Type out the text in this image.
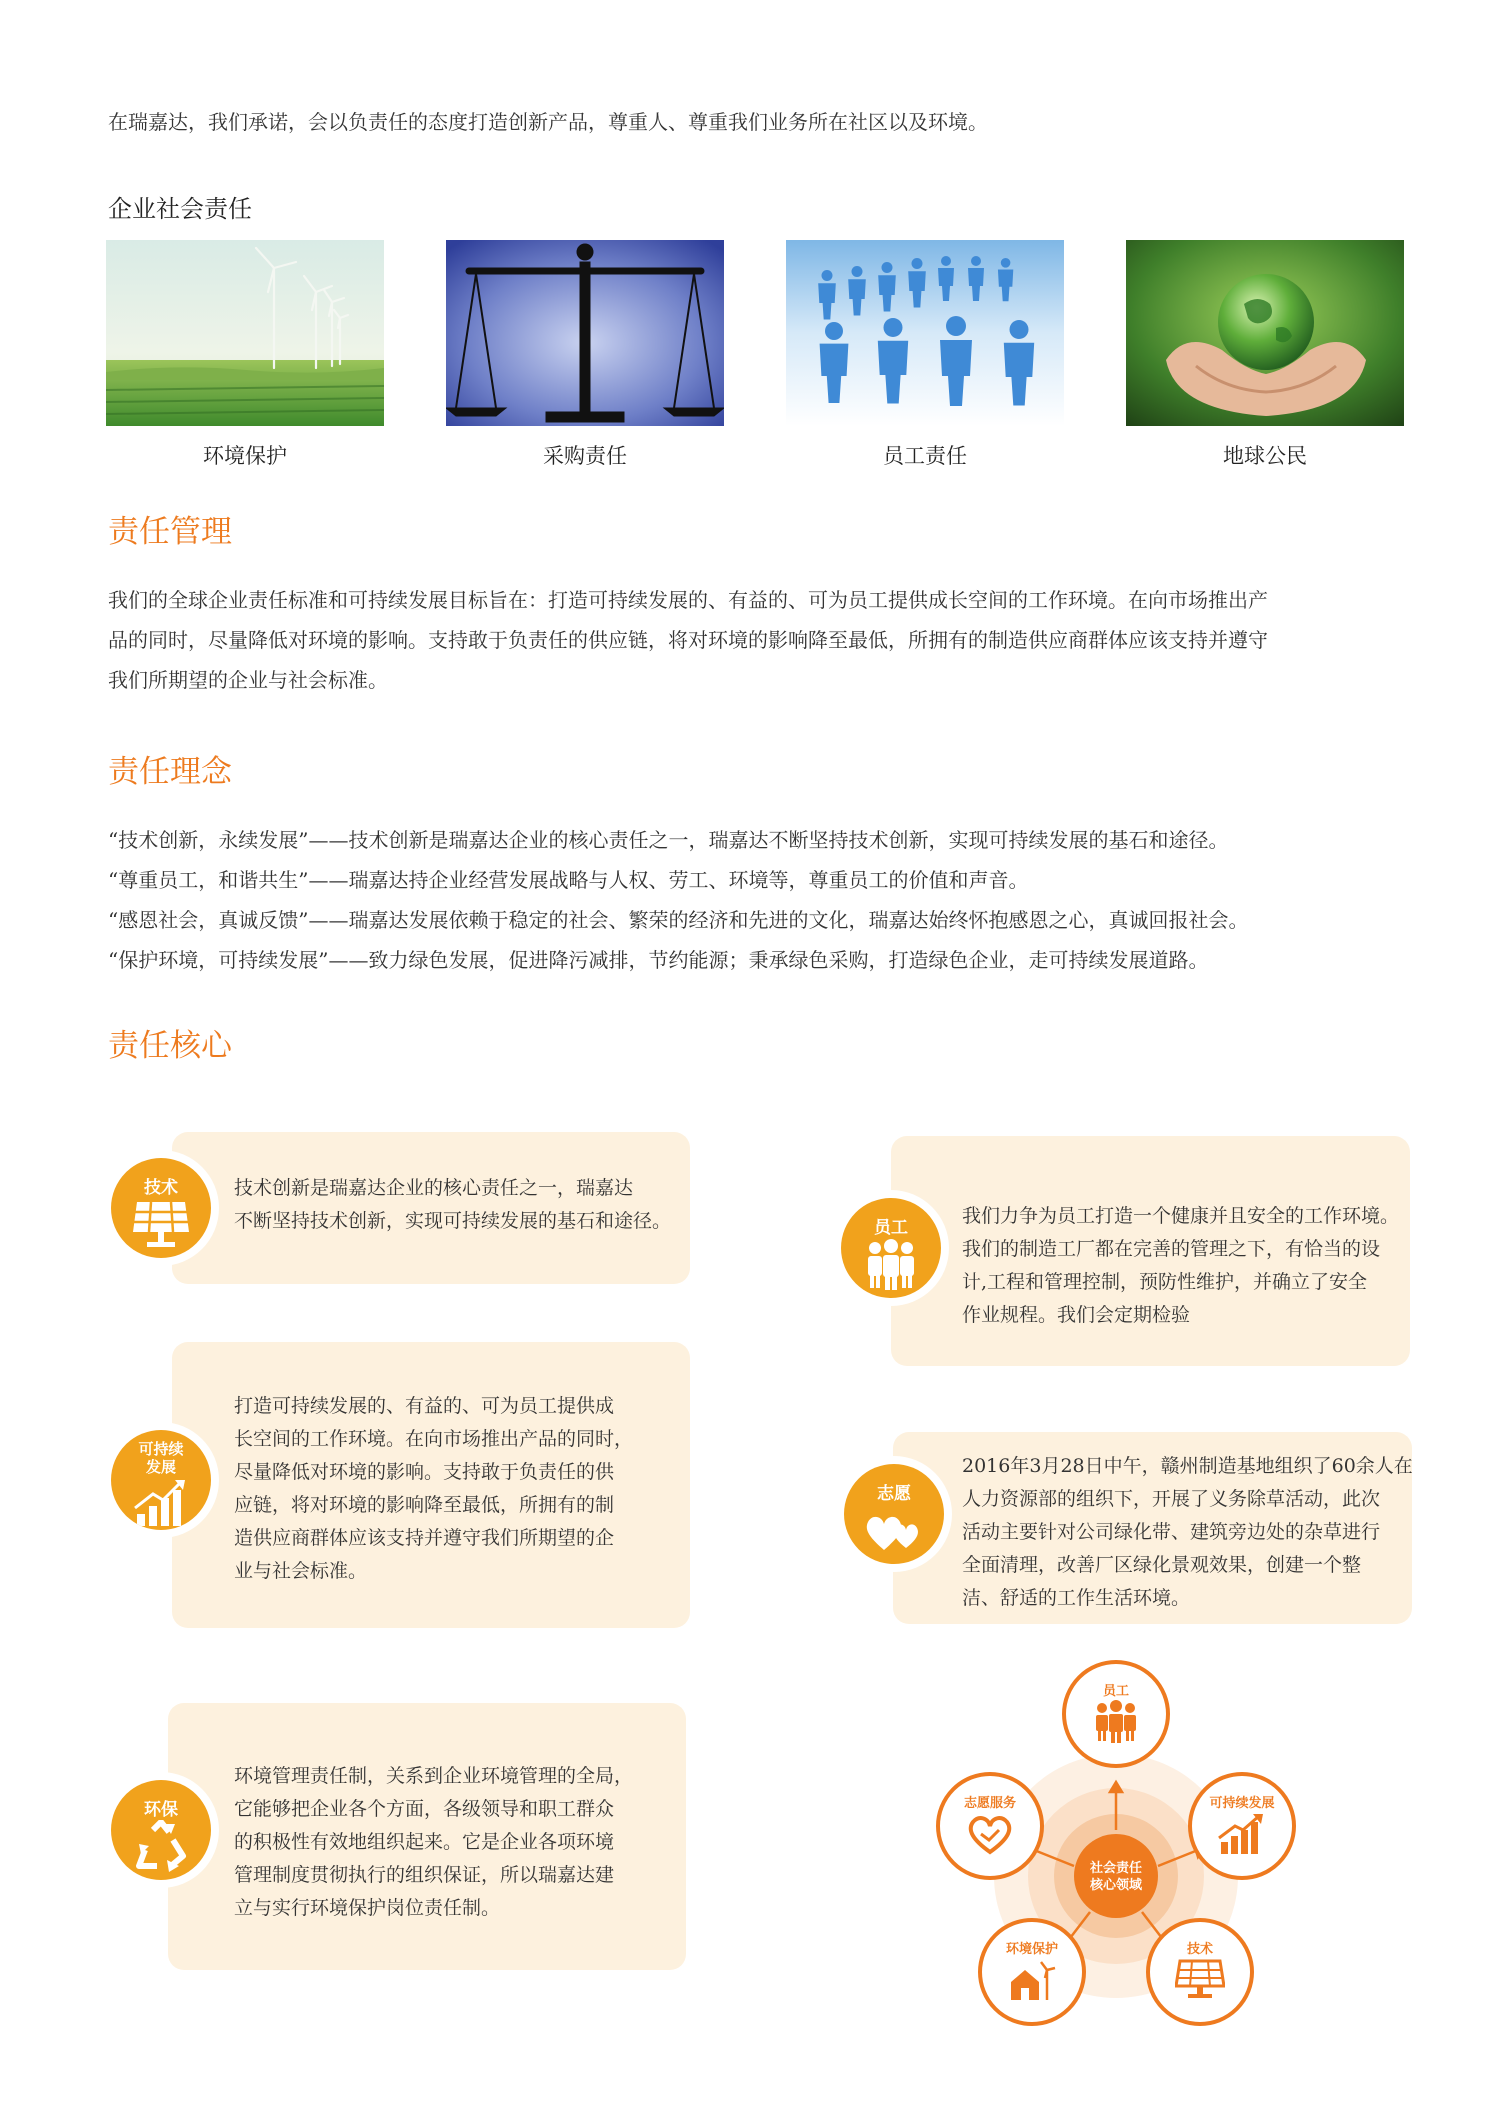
在瑞嘉达，我们承诺，会以负责任的态度打造创新产品，尊重人、尊重我们业务所在社区以及环境。
企业社会责任
环境保护	采购责任	员工责任	地球公民
责任管理
我们的全球企业责任标准和可持续发展目标旨在：打造可持续发展的、有益的、可为员工提供成长空间的工作环境。在向市场推出产
品的同时，尽量降低对环境的影响。支持敢于负责任的供应链，将对环境的影响降至最低，所拥有的制造供应商群体应该支持并遵守
我们所期望的企业与社会标准。
责任理念
“技术创新，永续发展”——技术创新是瑞嘉达企业的核心责任之一，瑞嘉达不断坚持技术创新，实现可持续发展的基石和途径。
“尊重员工，和谐共生”——瑞嘉达持企业经营发展战略与人权、劳工、环境等，尊重员工的价值和声音。
“感恩社会，真诚反馈”——瑞嘉达发展依赖于稳定的社会、繁荣的经济和先进的文化，瑞嘉达始终怀抱感恩之心，真诚回报社会。
“保护环境，可持续发展”——致力绿色发展，促进降污减排，节约能源；秉承绿色采购，打造绿色企业，走可持续发展道路。
责任核心
技术	技术创新是瑞嘉达企业的核心责任之一，瑞嘉达
不断坚持技术创新，实现可持续发展的基石和途径。
可持续
发展
打造可持续发展的、有益的、可为员工提供成
长空间的工作环境。在向市场推出产品的同时，
尽量降低对环境的影响。支持敢于负责任的供
应链，将对环境的影响降至最低，所拥有的制
造供应商群体应该支持并遵守我们所期望的企
业与社会标准。
环保
环境管理责任制，关系到企业环境管理的全局，
它能够把企业各个方面，各级领导和职工群众
的积极性有效地组织起来。它是企业各项环境
管理制度贯彻执行的组织保证，所以瑞嘉达建
立与实行环境保护岗位责任制。
员工
我们力争为员工打造一个健康并且安全的工作环境。
我们的制造工厂都在完善的管理之下，有恰当的设
计,工程和管理控制，预防性维护，并确立了安全
作业规程。我们会定期检验
志愿
2016年3月28日中午，赣州制造基地组织了60余人在
人力资源部的组织下，开展了义务除草活动，此次
活动主要针对公司绿化带、建筑旁边处的杂草进行
全面清理，改善厂区绿化景观效果，创建一个整
洁、舒适的工作生活环境。
社会责任
核心领域
员工
可持续发展
技术
环境保护
志愿服务
